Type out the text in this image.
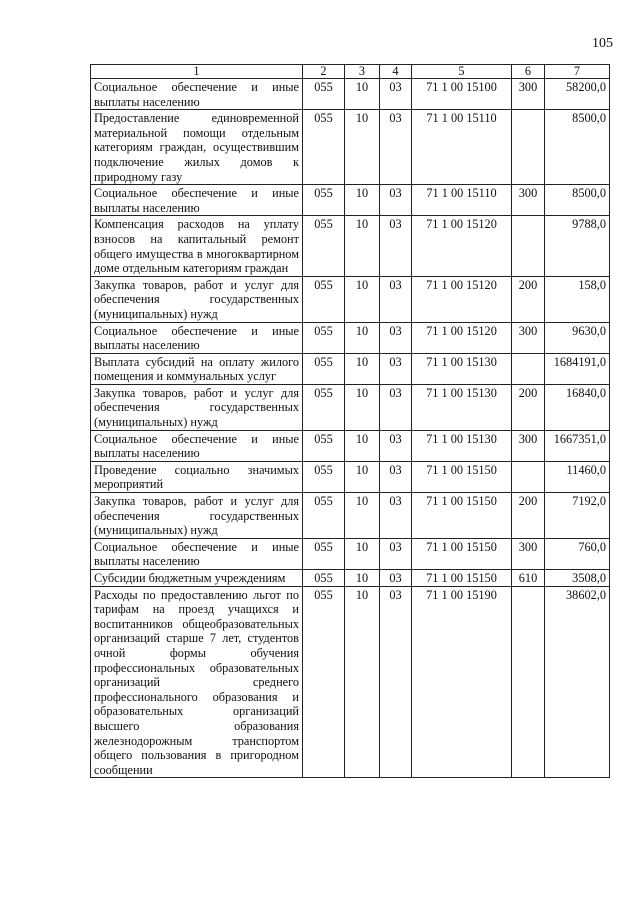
105
1	2	3	4	5	6	7
Социальное обеспечение и иные выплаты населению	055	10	03	71 1 00 15100	300	58200,0
Предоставление единовременной материальной помощи отдельным категориям граждан, осуществившим подключение жилых домов к природному газу	055	10	03	71 1 00 15110		8500,0
Социальное обеспечение и иные выплаты населению	055	10	03	71 1 00 15110	300	8500,0
Компенсация расходов на уплату взносов на капитальный ремонт общего имущества в многоквартирном доме отдельным категориям граждан	055	10	03	71 1 00 15120		9788,0
Закупка товаров, работ и услуг для обеспечения государственных (муниципальных) нужд	055	10	03	71 1 00 15120	200	158,0
Социальное обеспечение и иные выплаты населению	055	10	03	71 1 00 15120	300	9630,0
Выплата субсидий на оплату жилого помещения и коммунальных услуг	055	10	03	71 1 00 15130		1684191,0
Закупка товаров, работ и услуг для обеспечения государственных (муниципальных) нужд	055	10	03	71 1 00 15130	200	16840,0
Социальное обеспечение и иные выплаты населению	055	10	03	71 1 00 15130	300	1667351,0
Проведение социально значимых мероприятий	055	10	03	71 1 00 15150		11460,0
Закупка товаров, работ и услуг для обеспечения государственных (муниципальных) нужд	055	10	03	71 1 00 15150	200	7192,0
Социальное обеспечение и иные выплаты населению	055	10	03	71 1 00 15150	300	760,0
Субсидии бюджетным учреждениям	055	10	03	71 1 00 15150	610	3508,0
Расходы по предоставлению льгот по тарифам на проезд учащихся и воспитанников общеобразовательных организаций старше 7 лет, студентов очной формы обучения профессиональных образовательных организаций среднего профессионального образования и образовательных организаций высшего образования железнодорожным транспортом общего пользования в пригородном сообщении	055	10	03	71 1 00 15190		38602,0
